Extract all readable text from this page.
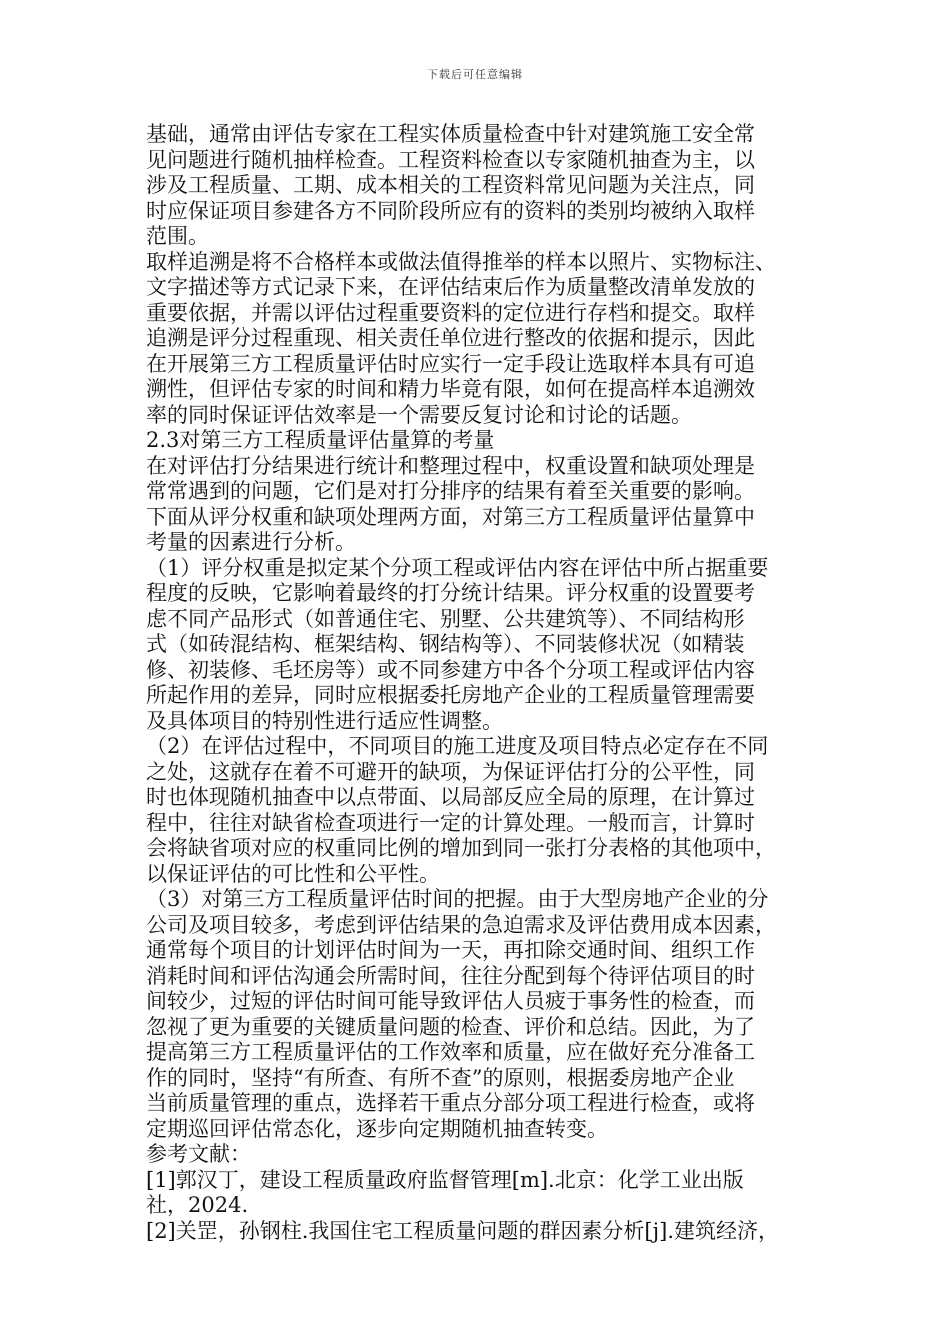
下载后可任意编辑
基础，通常由评估专家在工程实体质量检查中针对建筑施工安全常
见问题进行随机抽样检查。工程资料检查以专家随机抽查为主，以
涉及工程质量、工期、成本相关的工程资料常见问题为关注点，同
时应保证项目参建各方不同阶段所应有的资料的类别均被纳入取样
范围。
取样追溯是将不合格样本或做法值得推举的样本以照片、实物标注、
文字描述等方式记录下来，在评估结束后作为质量整改清单发放的
重要依据，并需以评估过程重要资料的定位进行存档和提交。取样
追溯是评分过程重现、相关责任单位进行整改的依据和提示，因此
在开展第三方工程质量评估时应实行一定手段让选取样本具有可追
溯性，但评估专家的时间和精力毕竟有限，如何在提高样本追溯效
率的同时保证评估效率是一个需要反复讨论和讨论的话题。
2.3对第三方工程质量评估量算的考量
在对评估打分结果进行统计和整理过程中，权重设置和缺项处理是
常常遇到的问题，它们是对打分排序的结果有着至关重要的影响。
下面从评分权重和缺项处理两方面，对第三方工程质量评估量算中
考量的因素进行分析。
（1）评分权重是拟定某个分项工程或评估内容在评估中所占据重要
程度的反映，它影响着最终的打分统计结果。评分权重的设置要考
虑不同产品形式（如普通住宅、别墅、公共建筑等）、不同结构形
式（如砖混结构、框架结构、钢结构等）、不同装修状况（如精装
修、初装修、毛坯房等）或不同参建方中各个分项工程或评估内容
所起作用的差异，同时应根据委托房地产企业的工程质量管理需要
及具体项目的特别性进行适应性调整。
（2）在评估过程中，不同项目的施工进度及项目特点必定存在不同
之处，这就存在着不可避开的缺项，为保证评估打分的公平性，同
时也体现随机抽查中以点带面、以局部反应全局的原理，在计算过
程中，往往对缺省检查项进行一定的计算处理。一般而言，计算时
会将缺省项对应的权重同比例的增加到同一张打分表格的其他项中，
以保证评估的可比性和公平性。
（3）对第三方工程质量评估时间的把握。由于大型房地产企业的分
公司及项目较多，考虑到评估结果的急迫需求及评估费用成本因素，
通常每个项目的计划评估时间为一天，再扣除交通时间、组织工作
消耗时间和评估沟通会所需时间，往往分配到每个待评估项目的时
间较少，过短的评估时间可能导致评估人员疲于事务性的检查，而
忽视了更为重要的关键质量问题的检查、评价和总结。因此，为了
提高第三方工程质量评估的工作效率和质量，应在做好充分准备工
作的同时，坚持“有所查、有所不查”的原则，根据委房地产企业
当前质量管理的重点，选择若干重点分部分项工程进行检查，或将
定期巡回评估常态化，逐步向定期随机抽查转变。
参考文献：
[1]郭汉丁，建设工程质量政府监督管理[m].北京：化学工业出版
社，2024.
[2]关罡，孙钢柱.我国住宅工程质量问题的群因素分析[j].建筑经济，
